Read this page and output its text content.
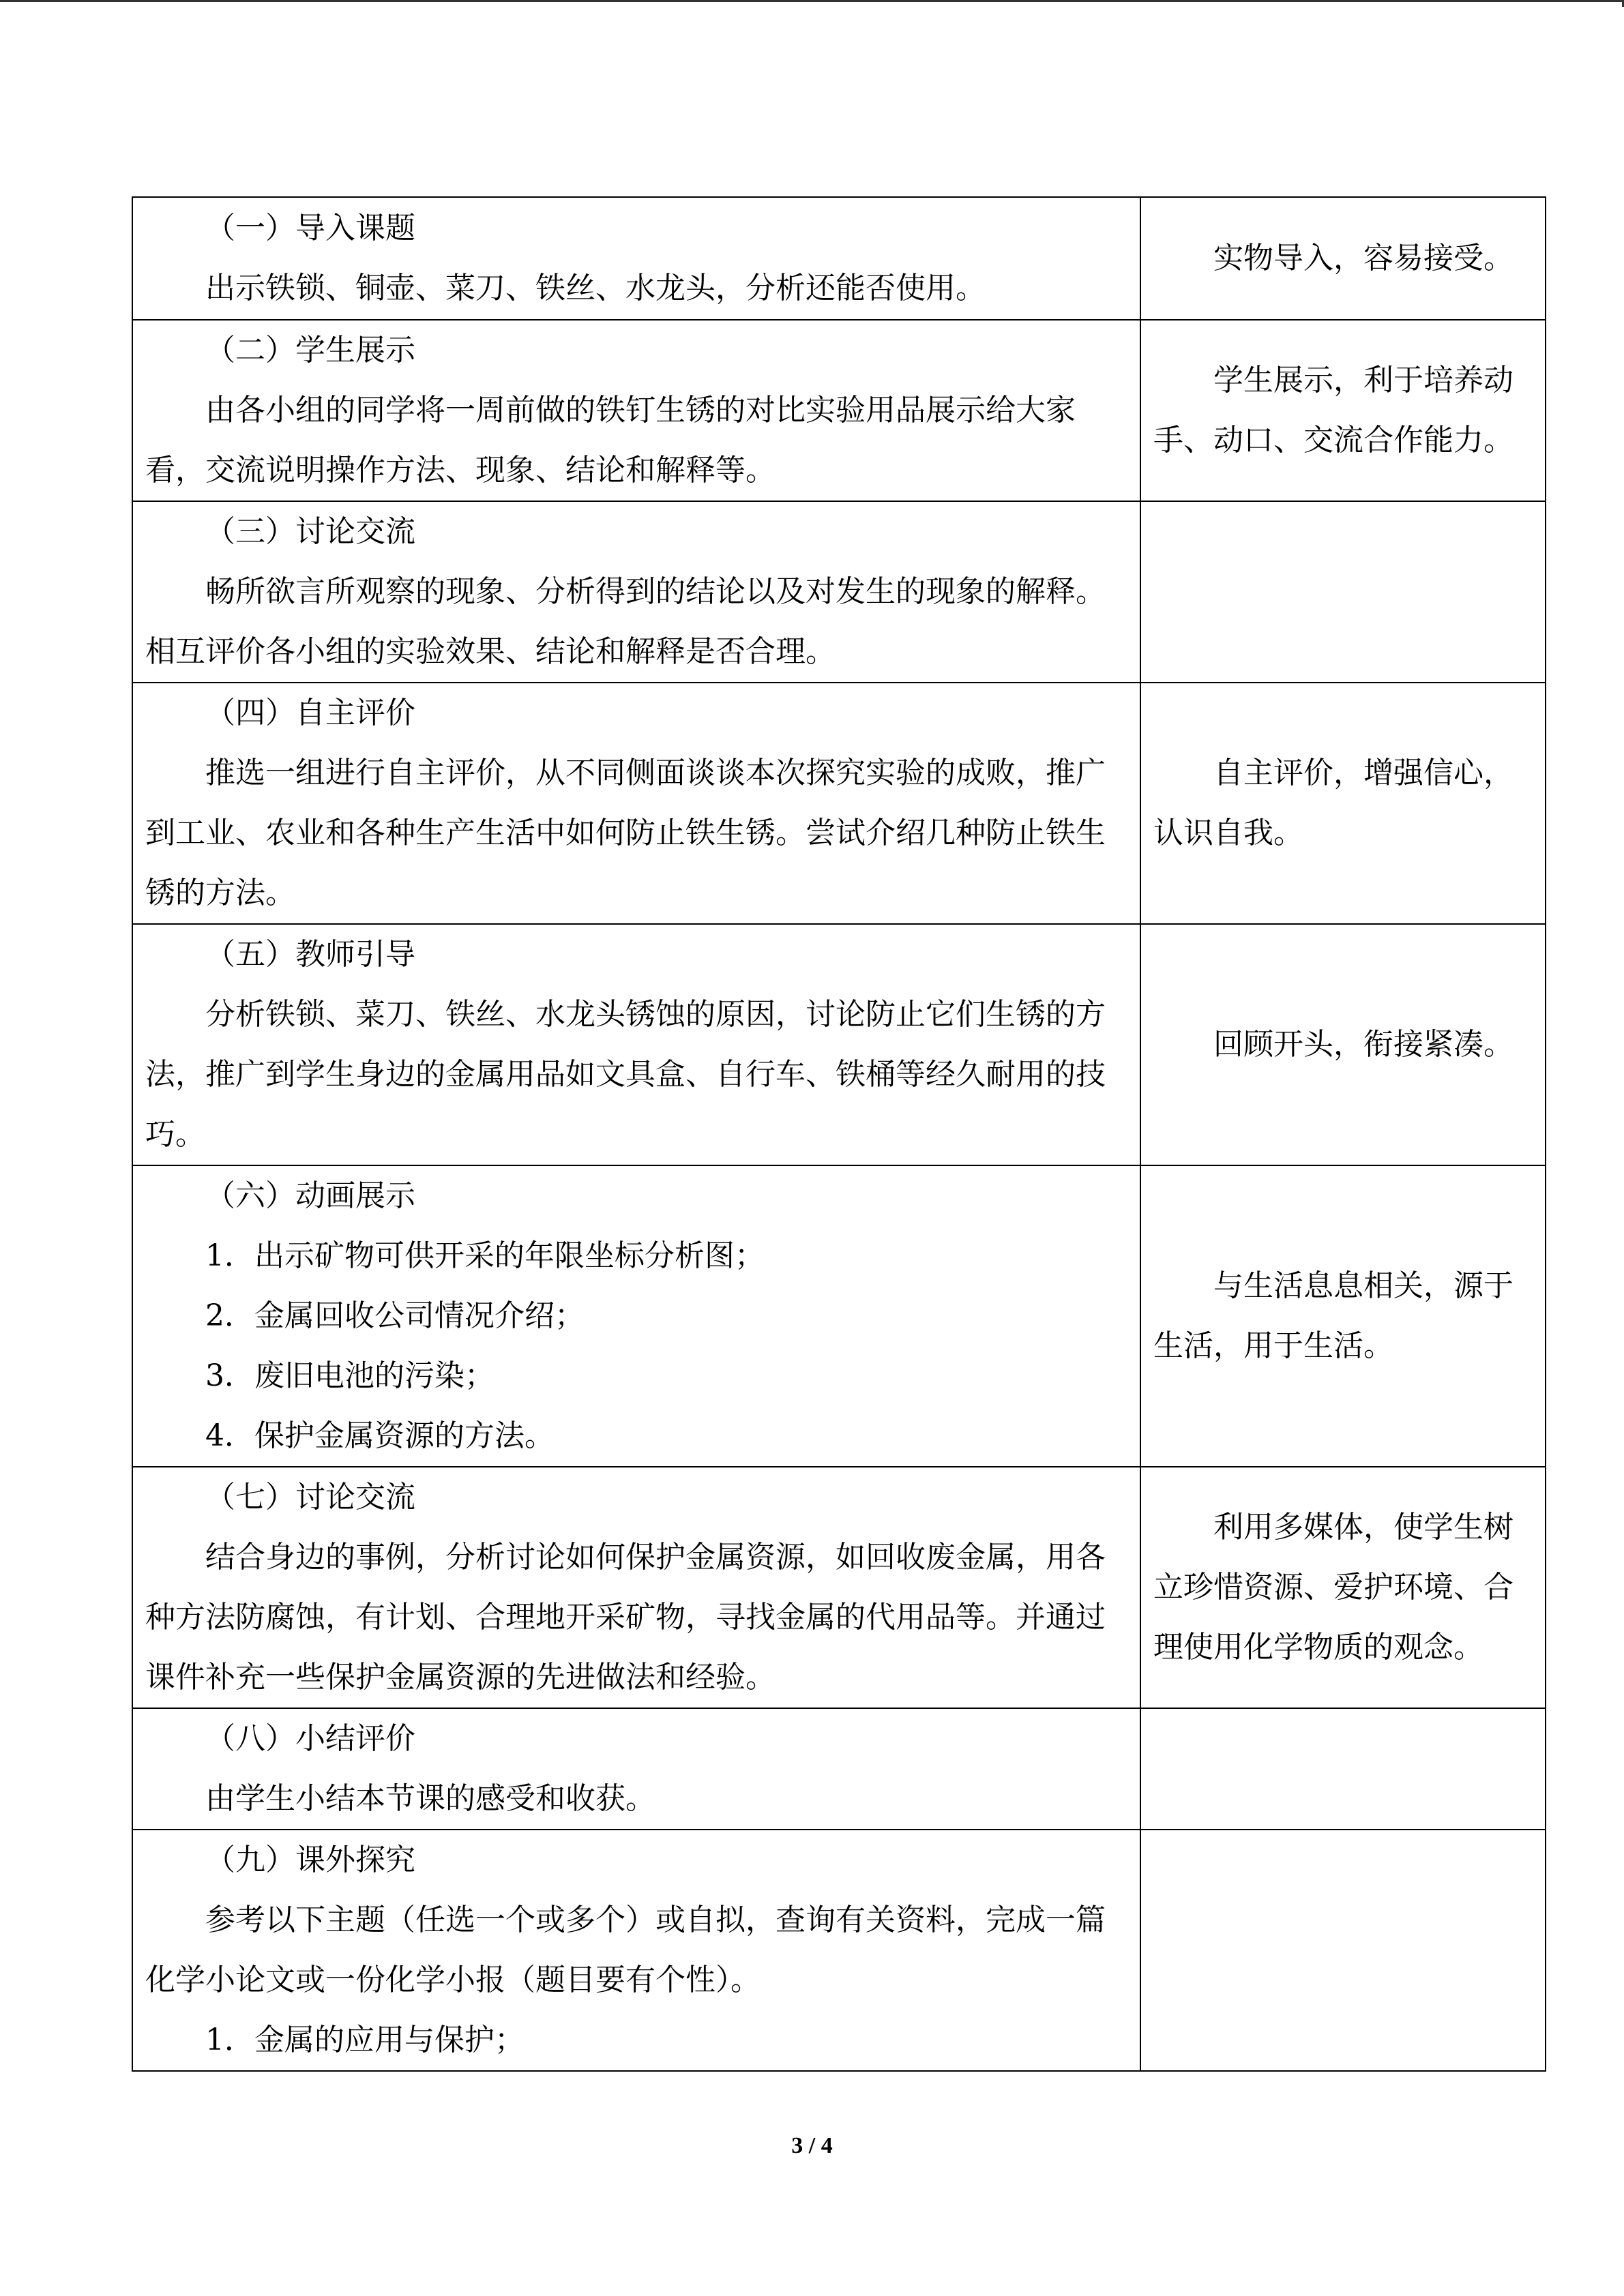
（一）导入课题
出示铁锁、铜壶、菜刀、铁丝、水龙头，分析还能否使用。	实物导入，容易接受。

（二）学生展示
由各小组的同学将一周前做的铁钉生锈的对比实验用品展示给大家看，交流说明操作方法、现象、结论和解释等。	学生展示，利于培养动手、动口、交流合作能力。

（三）讨论交流
畅所欲言所观察的现象、分析得到的结论以及对发生的现象的解释。相互评价各小组的实验效果、结论和解释是否合理。	

（四）自主评价
推选一组进行自主评价，从不同侧面谈谈本次探究实验的成败，推广到工业、农业和各种生产生活中如何防止铁生锈。尝试介绍几种防止铁生锈的方法。	自主评价，增强信心，认识自我。

（五）教师引导
分析铁锁、菜刀、铁丝、水龙头锈蚀的原因，讨论防止它们生锈的方法，推广到学生身边的金属用品如文具盒、自行车、铁桶等经久耐用的技巧。	回顾开头，衔接紧凑。

（六）动画展示
1．出示矿物可供开采的年限坐标分析图；
2．金属回收公司情况介绍；
3．废旧电池的污染；
4．保护金属资源的方法。	与生活息息相关，源于生活，用于生活。

（七）讨论交流
结合身边的事例，分析讨论如何保护金属资源，如回收废金属，用各种方法防腐蚀，有计划、合理地开采矿物，寻找金属的代用品等。并通过课件补充一些保护金属资源的先进做法和经验。	利用多媒体，使学生树立珍惜资源、爱护环境、合理使用化学物质的观念。

（八）小结评价
由学生小结本节课的感受和收获。	

（九）课外探究
参考以下主题（任选一个或多个）或自拟，查询有关资料，完成一篇化学小论文或一份化学小报（题目要有个性）。
1．金属的应用与保护；	

3 / 4
